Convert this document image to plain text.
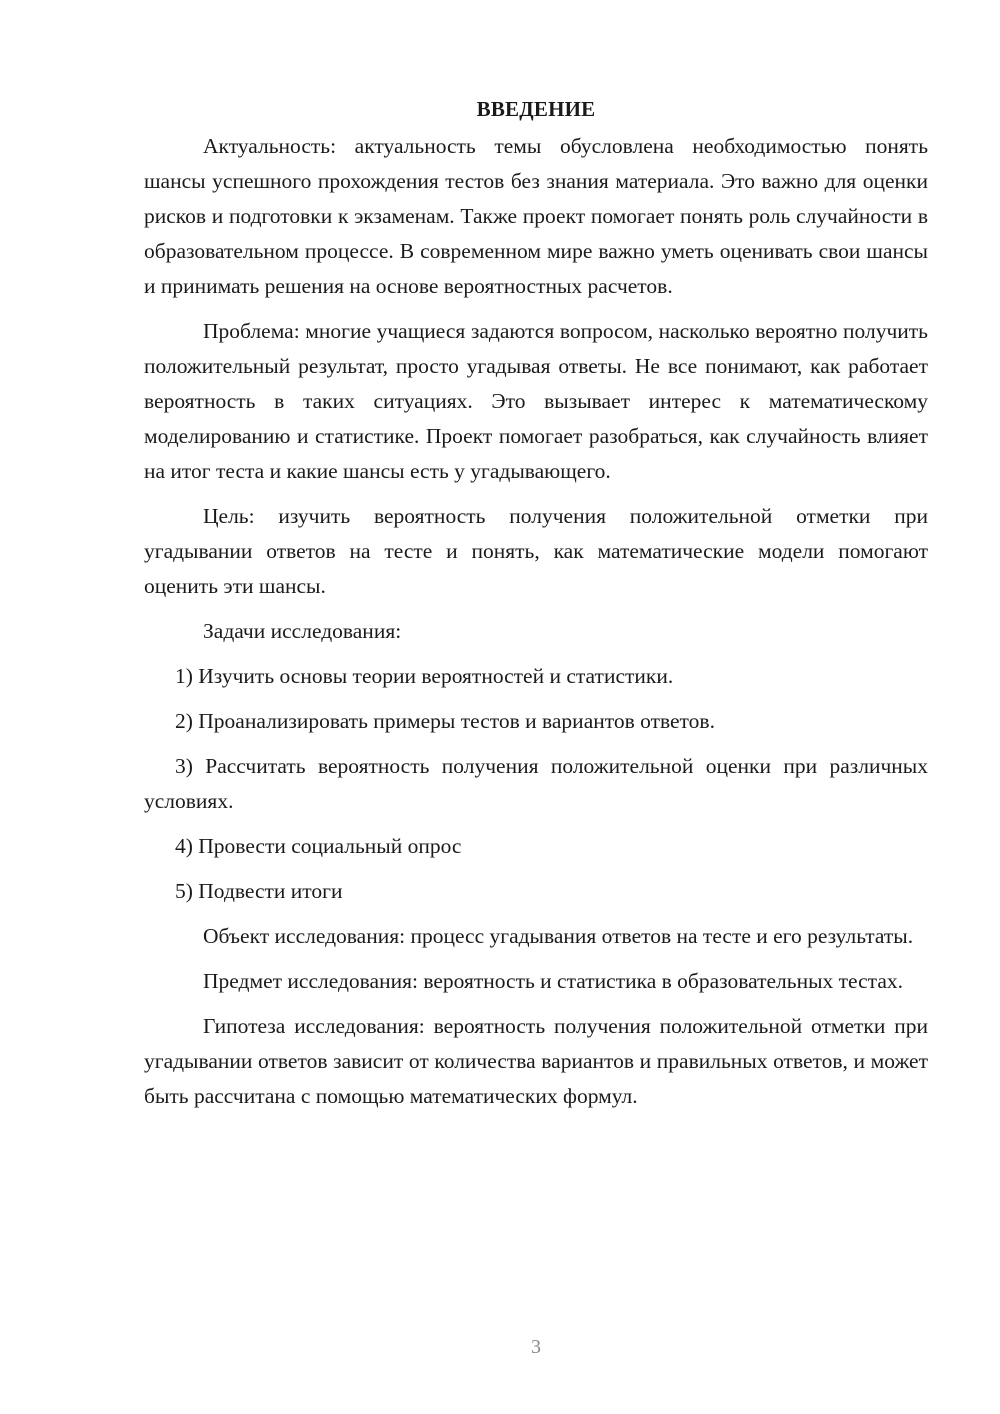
ВВЕДЕНИЕ

Актуальность: актуальность темы обусловлена необходимостью понять шансы успешного прохождения тестов без знания материала. Это важно для оценки рисков и подготовки к экзаменам. Также проект помогает понять роль случайности в образовательном процессе. В современном мире важно уметь оценивать свои шансы и принимать решения на основе вероятностных расчетов.

Проблема: многие учащиеся задаются вопросом, насколько вероятно получить положительный результат, просто угадывая ответы. Не все понимают, как работает вероятность в таких ситуациях. Это вызывает интерес к математическому моделированию и статистике. Проект помогает разобраться, как случайность влияет на итог теста и какие шансы есть у угадывающего.

Цель: изучить вероятность получения положительной отметки при угадывании ответов на тесте и понять, как математические модели помогают оценить эти шансы.

Задачи исследования:

1) Изучить основы теории вероятностей и статистики.

2) Проанализировать примеры тестов и вариантов ответов.

3) Рассчитать вероятность получения положительной оценки при различных условиях.

4) Провести социальный опрос

5) Подвести итоги

Объект исследования: процесс угадывания ответов на тесте и его результаты.

Предмет исследования: вероятность и статистика в образовательных тестах.

Гипотеза исследования: вероятность получения положительной отметки при угадывании ответов зависит от количества вариантов и правильных ответов, и может быть рассчитана с помощью математических формул.

3
